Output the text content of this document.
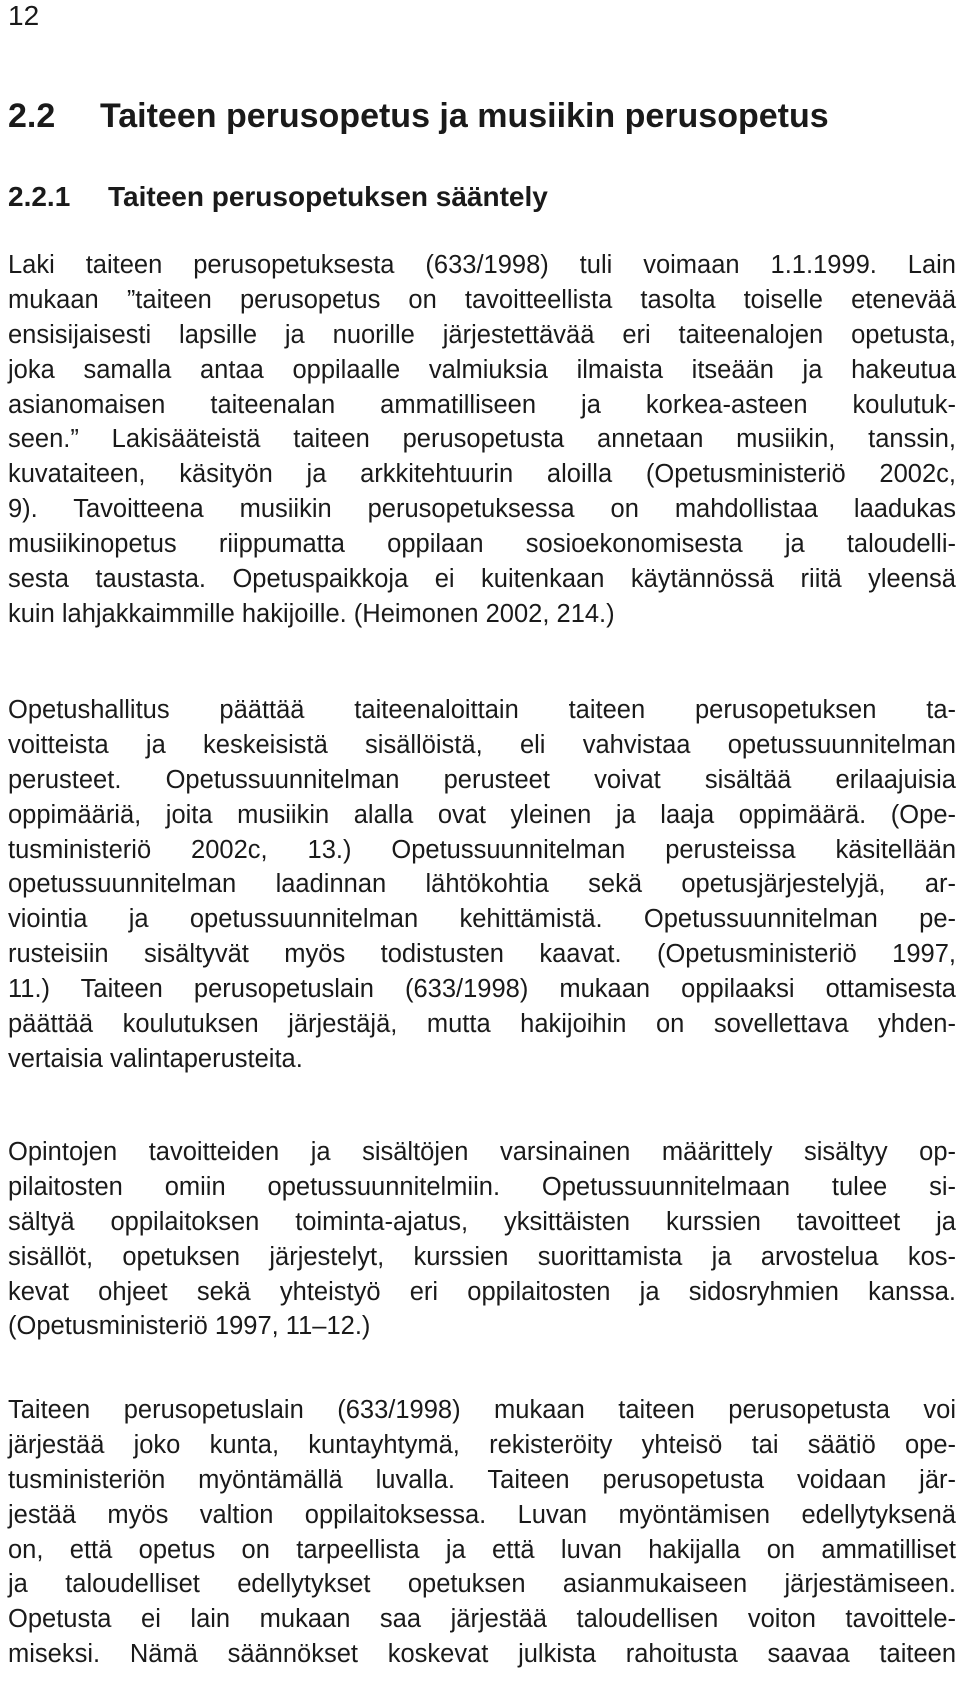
12

2.2 Taiteen perusopetus ja musiikin perusopetus
2.2.1 Taiteen perusopetuksen sääntely
Laki taiteen perusopetuksesta (633/1998) tuli voimaan 1.1.1999. Lain
mukaan ”taiteen perusopetus on tavoitteellista tasolta toiselle etenevää
ensisijaisesti lapsille ja nuorille järjestettävää eri taiteenalojen opetusta,
joka samalla antaa oppilaalle valmiuksia ilmaista itseään ja hakeutua
asianomaisen taiteenalan ammatilliseen ja korkea-asteen koulutuk-
seen.” Lakisääteistä taiteen perusopetusta annetaan musiikin, tanssin,
kuvataiteen, käsityön ja arkkitehtuurin aloilla (Opetusministeriö 2002c,
9). Tavoitteena musiikin perusopetuksessa on mahdollistaa laadukas
musiikinopetus riippumatta oppilaan sosioekonomisesta ja taloudelli-
sesta taustasta. Opetuspaikkoja ei kuitenkaan käytännössä riitä yleensä
kuin lahjakkaimmille hakijoille. (Heimonen 2002, 214.)
Opetushallitus päättää taiteenaloittain taiteen perusopetuksen ta-
voitteista ja keskeisistä sisällöistä, eli vahvistaa opetussuunnitelman
perusteet. Opetussuunnitelman perusteet voivat sisältää erilaajuisia
oppimääriä, joita musiikin alalla ovat yleinen ja laaja oppimäärä. (Ope-
tusministeriö 2002c, 13.) Opetussuunnitelman perusteissa käsitellään
opetussuunnitelman laadinnan lähtökohtia sekä opetusjärjestelyjä, ar-
viointia ja opetussuunnitelman kehittämistä. Opetussuunnitelman pe-
rusteisiin sisältyvät myös todistusten kaavat. (Opetusministeriö 1997,
11.) Taiteen perusopetuslain (633/1998) mukaan oppilaaksi ottamisesta
päättää koulutuksen järjestäjä, mutta hakijoihin on sovellettava yhden-
vertaisia valintaperusteita.
Opintojen tavoitteiden ja sisältöjen varsinainen määrittely sisältyy op-
pilaitosten omiin opetussuunnitelmiin. Opetussuunnitelmaan tulee si-
sältyä oppilaitoksen toiminta-ajatus, yksittäisten kurssien tavoitteet ja
sisällöt, opetuksen järjestelyt, kurssien suorittamista ja arvostelua kos-
kevat ohjeet sekä yhteistyö eri oppilaitosten ja sidosryhmien kanssa.
(Opetusministeriö 1997, 11–12.)
Taiteen perusopetuslain (633/1998) mukaan taiteen perusopetusta voi
järjestää joko kunta, kuntayhtymä, rekisteröity yhteisö tai säätiö ope-
tusministeriön myöntämällä luvalla. Taiteen perusopetusta voidaan jär-
jestää myös valtion oppilaitoksessa. Luvan myöntämisen edellytyksenä
on, että opetus on tarpeellista ja että luvan hakijalla on ammatilliset
ja taloudelliset edellytykset opetuksen asianmukaiseen järjestämiseen.
Opetusta ei lain mukaan saa järjestää taloudellisen voiton tavoittele-
miseksi. Nämä säännökset koskevat julkista rahoitusta saavaa taiteen
